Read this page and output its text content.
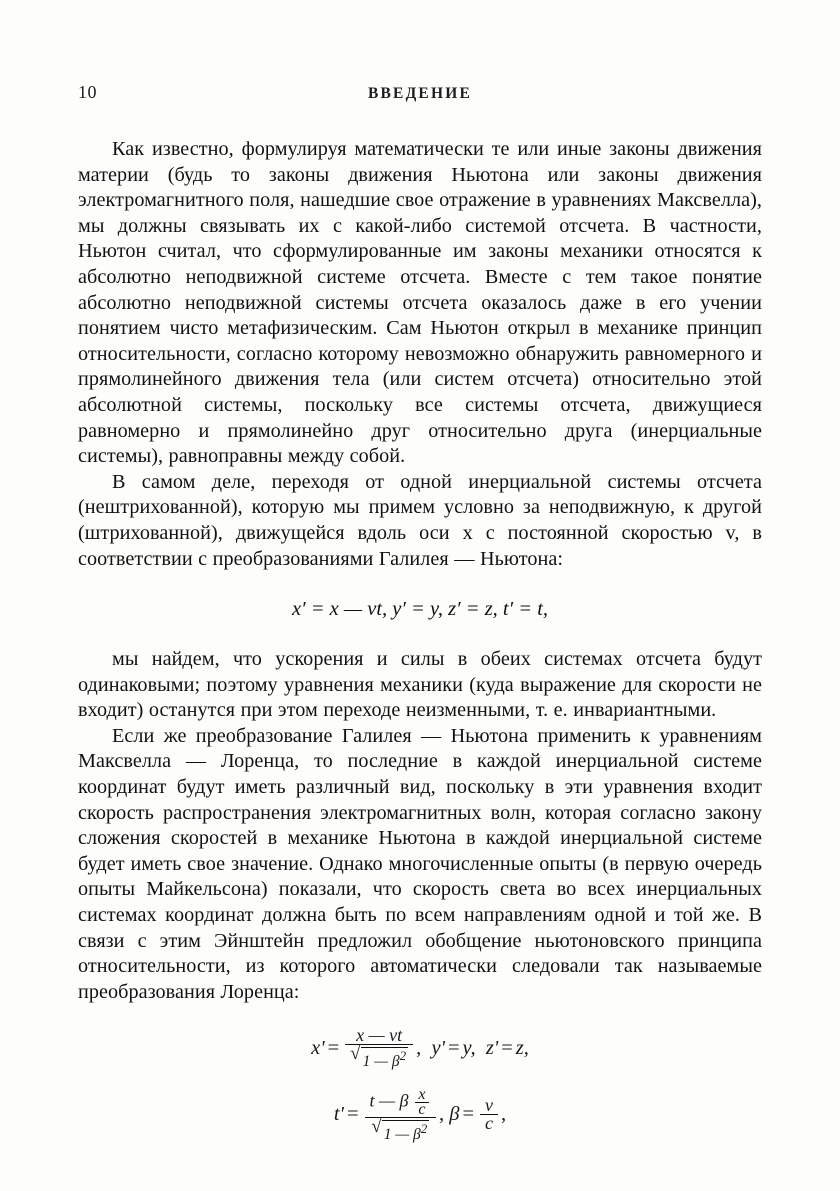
10	ВВЕДЕНИЕ

Как известно, формулируя математически те или иные законы движения материи (будь то законы движения Ньютона или законы движения электромагнитного поля, нашедшие свое отражение в уравнениях Максвелла), мы должны связывать их с какой-либо системой отсчета. В частности, Ньютон считал, что сформулированные им законы механики относятся к абсолютно неподвижной системе отсчета. Вместе с тем такое понятие абсолютно неподвижной системы отсчета оказалось даже в его учении понятием чисто метафизическим. Сам Ньютон открыл в механике принцип относительности, согласно которому невозможно обнаружить равномерного и прямолинейного движения тела (или систем отсчета) относительно этой абсолютной системы, поскольку все системы отсчета, движущиеся равномерно и прямолинейно друг относительно друга (инерциальные системы), равноправны между собой.

В самом деле, переходя от одной инерциальной системы отсчета (нештрихованной), которую мы примем условно за неподвижную, к другой (штрихованной), движущейся вдоль оси x с постоянной скоростью v, в соответствии с преобразованиями Галилея — Ньютона:

x′ = x — vt, y′ = y, z′ = z, t′ = t,

мы найдем, что ускорения и силы в обеих системах отсчета будут одинаковыми; поэтому уравнения механики (куда выражение для скорости не входит) останутся при этом переходе неизменными, т. е. инвариантными.

Если же преобразование Галилея — Ньютона применить к уравнениям Максвелла — Лоренца, то последние в каждой инерциальной системе координат будут иметь различный вид, поскольку в эти уравнения входит скорость распространения электромагнитных волн, которая согласно закону сложения скоростей в механике Ньютона в каждой инерциальной системе будет иметь свое значение. Однако многочисленные опыты (в первую очередь опыты Майкельсона) показали, что скорость света во всех инерциальных системах координат должна быть по всем направлениям одной и той же. В связи с этим Эйнштейн предложил обобщение ньютоновского принципа относительности, из которого автоматически следовали так называемые преобразования Лоренца:

$x' = \frac{x — vt}{√ 1 — \beta^2}$ , y' = y,
z' = z,
t' =
t — β $\frac{x}{c}$
√ 1 — $\beta^2$
, $\beta = \frac{v}{c}$ ,
